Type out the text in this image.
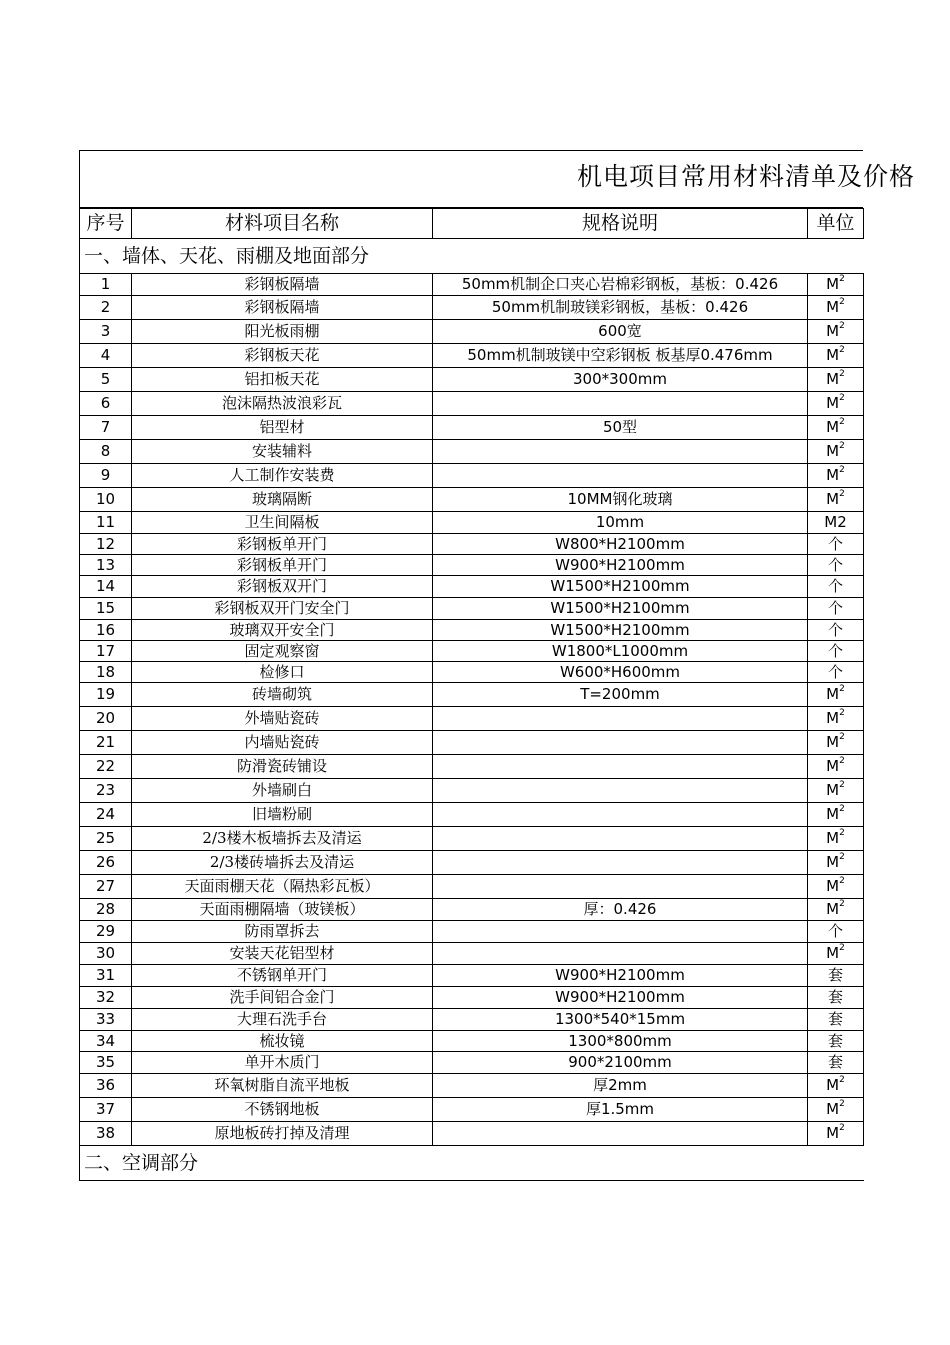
机电项目常用材料清单及价格
序号	材料项目名称	规格说明	单位
一、墙体、天花、雨棚及地面部分			
1	彩钢板隔墙	50mm机制企口夹心岩棉彩钢板，基板：0.426	$M^2$
2	彩钢板隔墙	50mm机制玻镁彩钢板，基板：0.426	$M^2$
3	阳光板雨棚	600宽	$M^2$
4	彩钢板天花	50mm机制玻镁中空彩钢板 板基厚0.476mm	$M^2$
5	铝扣板天花	300*300mm	$M^2$
6	泡沫隔热波浪彩瓦		$M^2$
7	铝型材	50型	$M^2$
8	安装辅料		$M^2$
9	人工制作安装费		$M^2$
10	玻璃隔断	10MM钢化玻璃	$M^2$
11	卫生间隔板	10mm	M2
12	彩钢板单开门	W800*H2100mm	个
13	彩钢板单开门	W900*H2100mm	个
14	彩钢板双开门	W1500*H2100mm	个
15	彩钢板双开门安全门	W1500*H2100mm	个
16	玻璃双开安全门	W1500*H2100mm	个
17	固定观察窗	W1800*L1000mm	个
18	检修口	W600*H600mm	个
19	砖墙砌筑	T=200mm	$M^2$
20	外墙贴瓷砖		$M^2$
21	内墙贴瓷砖		$M^2$
22	防滑瓷砖铺设		$M^2$
23	外墙刷白		$M^2$
24	旧墙粉刷		$M^2$
25	2/3楼木板墙拆去及清运		$M^2$
26	2/3楼砖墙拆去及清运		$M^2$
27	天面雨棚天花（隔热彩瓦板）		$M^2$
28	天面雨棚隔墙（玻镁板）	厚：0.426	$M^2$
29	防雨罩拆去		个
30	安装天花铝型材		$M^2$
31	不锈钢单开门	W900*H2100mm	套
32	洗手间铝合金门	W900*H2100mm	套
33	大理石洗手台	1300*540*15mm	套
34	梳妆镜	1300*800mm	套
35	单开木质门	900*2100mm	套
36	环氧树脂自流平地板	厚2mm	$M^2$
37	不锈钢地板	厚1.5mm	$M^2$
38	原地板砖打掉及清理		$M^2$
二、空调部分			
